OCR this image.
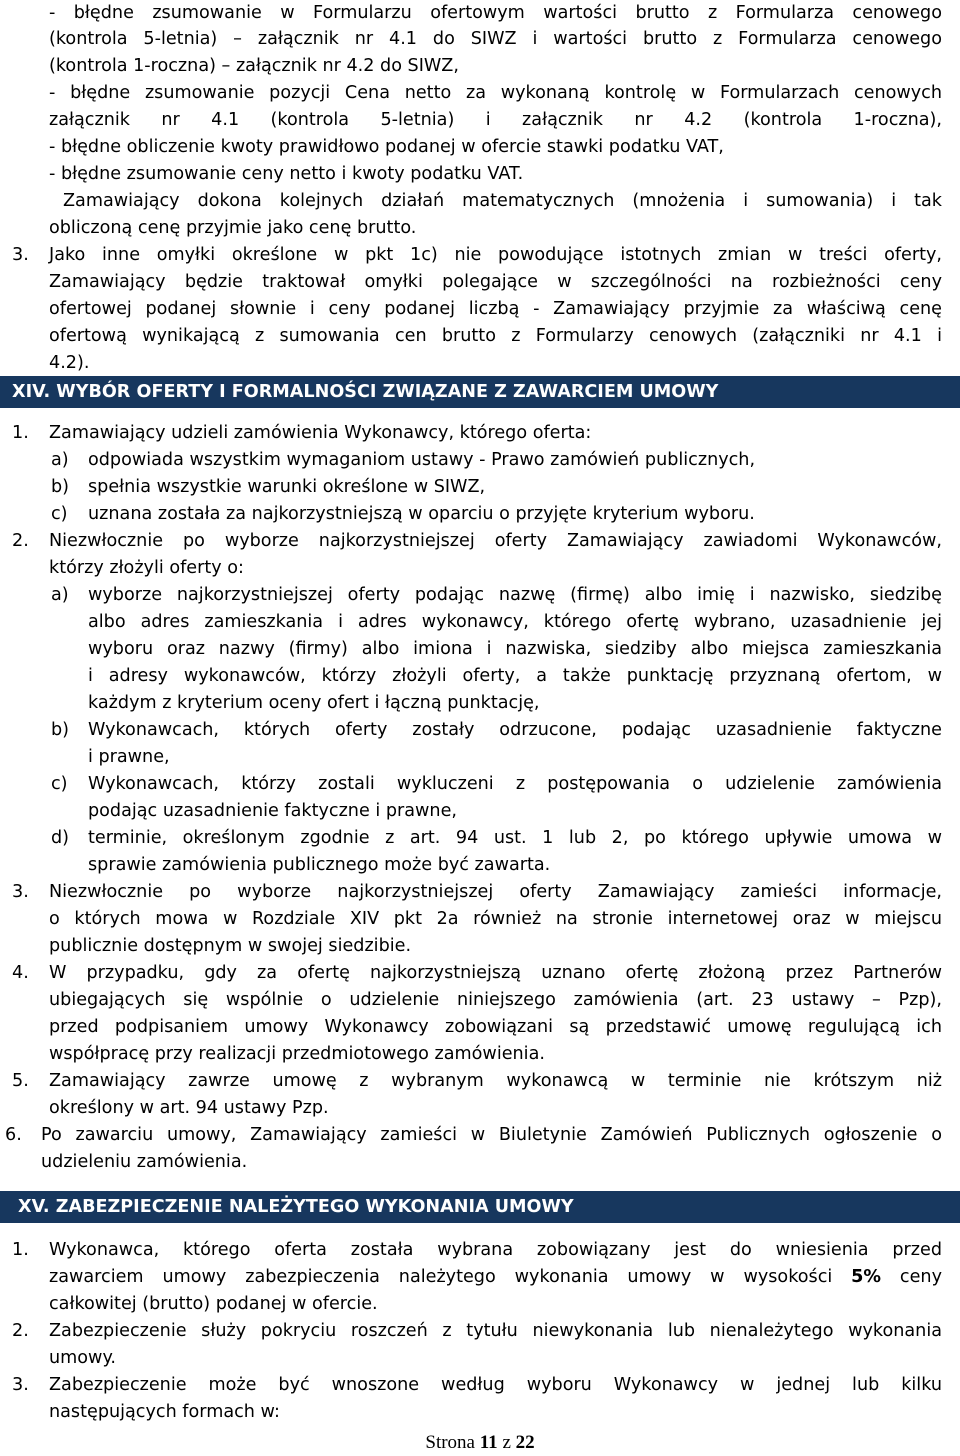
- błędne zsumowanie w Formularzu ofertowym wartości brutto z Formularza cenowego
(kontrola 5-letnia) – załącznik nr 4.1 do SIWZ i wartości brutto z Formularza cenowego
(kontrola 1-roczna) – załącznik nr 4.2 do SIWZ,
- błędne zsumowanie pozycji Cena netto za wykonaną kontrolę w Formularzach cenowych
załącznik nr 4.1 (kontrola 5-letnia) i załącznik nr 4.2 (kontrola 1-roczna),
- błędne obliczenie kwoty prawidłowo podanej w ofercie stawki podatku VAT,
- błędne zsumowanie ceny netto i kwoty podatku VAT.
Zamawiający dokona kolejnych działań matematycznych (mnożenia i sumowania) i tak
obliczoną cenę przyjmie jako cenę brutto.
3. Jako inne omyłki określone w pkt 1c) nie powodujące istotnych zmian w treści oferty,
Zamawiający będzie traktował omyłki polegające w szczególności na rozbieżności ceny
ofertowej podanej słownie i ceny podanej liczbą - Zamawiający przyjmie za właściwą cenę
ofertową wynikającą z sumowania cen brutto z Formularzy cenowych (załączniki nr 4.1 i
4.2).
XIV. WYBÓR OFERTY I FORMALNOŚCI ZWIĄZANE Z ZAWARCIEM UMOWY
1. Zamawiający udzieli zamówienia Wykonawcy, którego oferta:
a) odpowiada wszystkim wymaganiom ustawy - Prawo zamówień publicznych,
b) spełnia wszystkie warunki określone w SIWZ,
c) uznana została za najkorzystniejszą w oparciu o przyjęte kryterium wyboru.
2. Niezwłocznie po wyborze najkorzystniejszej oferty Zamawiający zawiadomi Wykonawców,
którzy złożyli oferty o:
a) wyborze najkorzystniejszej oferty podając nazwę (firmę) albo imię i nazwisko, siedzibę
albo adres zamieszkania i adres wykonawcy, którego ofertę wybrano, uzasadnienie jej
wyboru oraz nazwy (firmy) albo imiona i nazwiska, siedziby albo miejsca zamieszkania
i adresy wykonawców, którzy złożyli oferty, a także punktację przyznaną ofertom, w
każdym z kryterium oceny ofert i łączną punktację,
b) Wykonawcach, których oferty zostały odrzucone, podając uzasadnienie faktyczne
i prawne,
c) Wykonawcach, którzy zostali wykluczeni z postępowania o udzielenie zamówienia
podając uzasadnienie faktyczne i prawne,
d) terminie, określonym zgodnie z art. 94 ust. 1 lub 2, po którego upływie umowa w
sprawie zamówienia publicznego może być zawarta.
3. Niezwłocznie po wyborze najkorzystniejszej oferty Zamawiający zamieści informacje,
o których mowa w Rozdziale XIV pkt 2a również na stronie internetowej oraz w miejscu
publicznie dostępnym w swojej siedzibie.
4. W przypadku, gdy za ofertę najkorzystniejszą uznano ofertę złożoną przez Partnerów
ubiegających się wspólnie o udzielenie niniejszego zamówienia (art. 23 ustawy – Pzp),
przed podpisaniem umowy Wykonawcy zobowiązani są przedstawić umowę regulującą ich
współpracę przy realizacji przedmiotowego zamówienia.
5. Zamawiający zawrze umowę z wybranym wykonawcą w terminie nie krótszym niż
określony w art. 94 ustawy Pzp.
6. Po zawarciu umowy, Zamawiający zamieści w Biuletynie Zamówień Publicznych ogłoszenie o
udzieleniu zamówienia.
XV. ZABEZPIECZENIE NALEŻYTEGO WYKONANIA UMOWY
1. Wykonawca, którego oferta została wybrana zobowiązany jest do wniesienia przed
zawarciem umowy zabezpieczenia należytego wykonania umowy w wysokości 5% ceny
całkowitej (brutto) podanej w ofercie.
2. Zabezpieczenie służy pokryciu roszczeń z tytułu niewykonania lub nienależytego wykonania
umowy.
3. Zabezpieczenie może być wnoszone według wyboru Wykonawcy w jednej lub kilku
następujących formach w:
Strona 11 z 22
